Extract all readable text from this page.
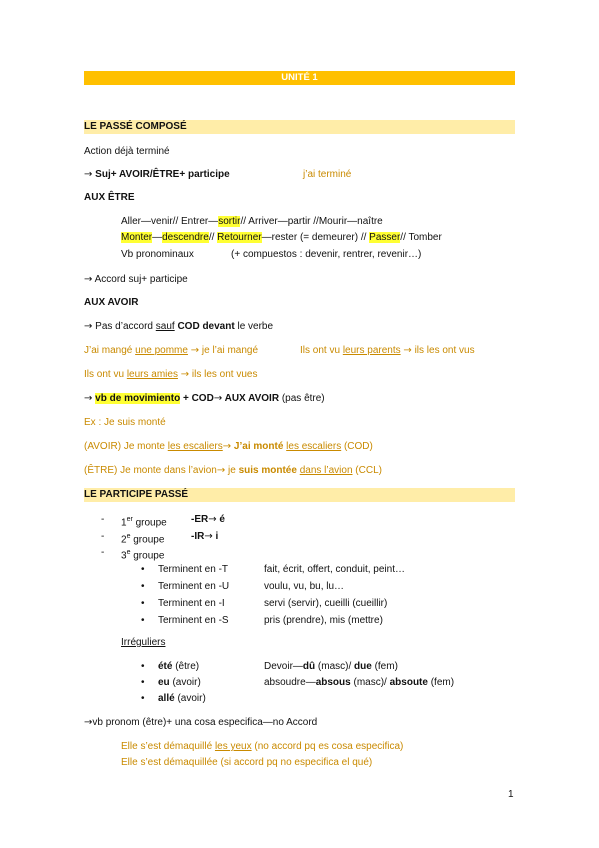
UNITÉ 1
LE PASSÉ COMPOSÉ
Action déjà terminé
→ Suj+ AVOIR/ÊTRE+ participe	j’ai terminé
AUX ÊTRE
Aller—venir// Entrer—sortir// Arriver—partir //Mourir—naître
Monter—descendre// Retourner—rester (= demeurer) // Passer// Tomber
Vb pronominaux	(+ compuestos : devenir, rentrer, revenir…)
→ Accord suj+ participe
AUX AVOIR
→ Pas d’accord sauf COD devant le verbe
J’ai mangé une pomme → je l’ai mangé	Ils ont vu leurs parents → ils les ont vus
Ils ont vu leurs amies → ils les ont vues
→ vb de movimiento + COD→ AUX AVOIR (pas être)
Ex : Je suis monté
(AVOIR) Je monte les escaliers→ J’ai monté les escaliers (COD)
(ÊTRE) Je monte dans l’avion→ je suis montée dans l’avion (CCL)
LE PARTICIPE PASSÉ
- 1er groupe -ER→ é
- 2e groupe	-IR→ i
- 3e groupe
• Terminent en -T	fait, écrit, offert, conduit, peint…
• Terminent en -U	voulu, vu, bu, lu…
• Terminent en -I	servi (servir), cueilli (cueillir)
• Terminent en -S	pris (prendre), mis (mettre)
Irréguliers
• été (être)	Devoir—dû (masc)/ due (fem)
• eu (avoir)	absoudre—absous (masc)/ absoute (fem)
• allé (avoir)
→vb pronom (être)+ una cosa especifica—no Accord
Elle s’est démaquillé les yeux (no accord pq es cosa especifica)
Elle s’est démaquillée (si accord pq no especifica el qué)
1
